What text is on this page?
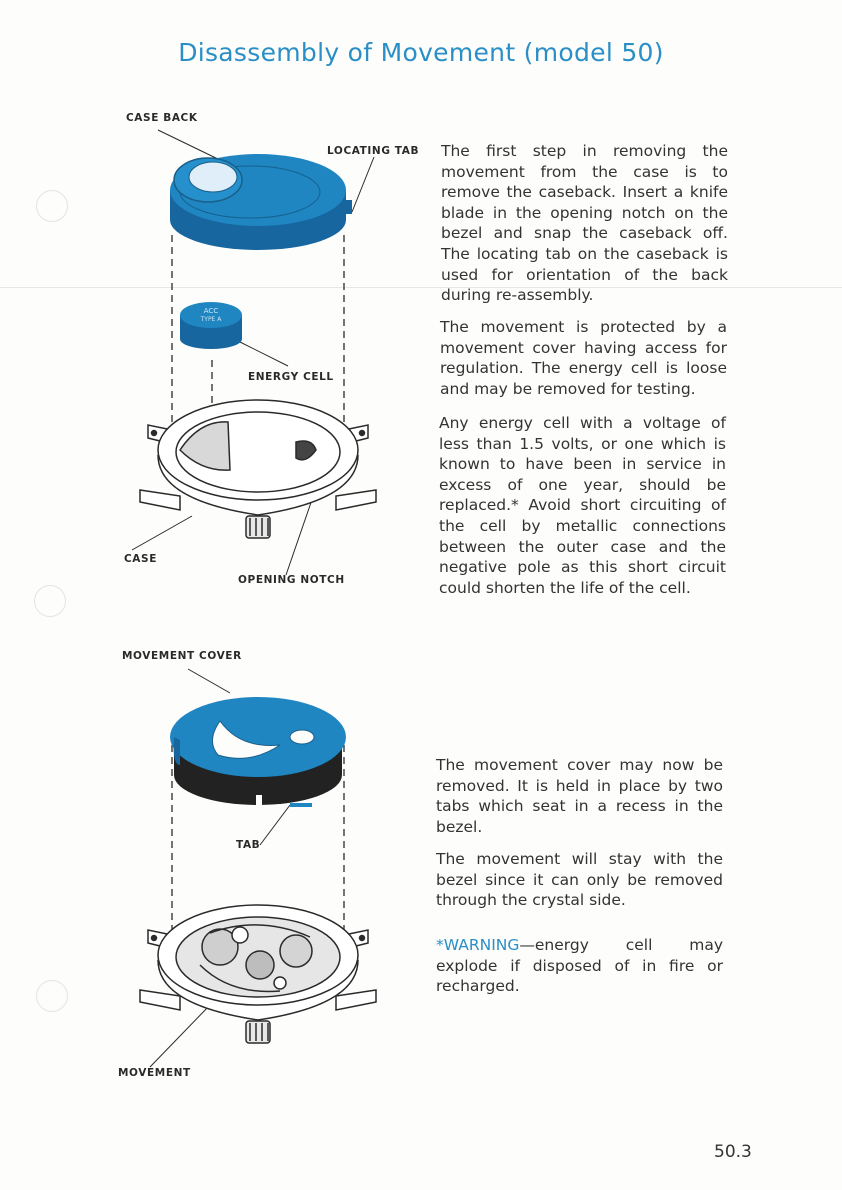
Disassembly of Movement (model 50)
ACC
TYPE A
CASE BACK
LOCATING TAB
ENERGY CELL
CASE
OPENING NOTCH
MOVEMENT COVER
TAB
MOVEMENT

The first step in removing the movement from the case is to remove the caseback. Insert a knife blade in the opening notch on the bezel and snap the caseback off. The locating tab on the caseback is used for orientation of the back during re-assembly.

The movement is protected by a movement cover having access for regulation. The energy cell is loose and may be removed for testing.

Any energy cell with a voltage of less than 1.5 volts, or one which is known to have been in service in excess of one year, should be replaced.* Avoid short circuiting of the cell by metallic connections between the outer case and the negative pole as this short circuit could shorten the life of the cell.

The movement cover may now be removed. It is held in place by two tabs which seat in a recess in the bezel.

The movement will stay with the bezel since it can only be removed through the crystal side.

*WARNING—energy cell may explode if disposed of in fire or recharged.

50.3
